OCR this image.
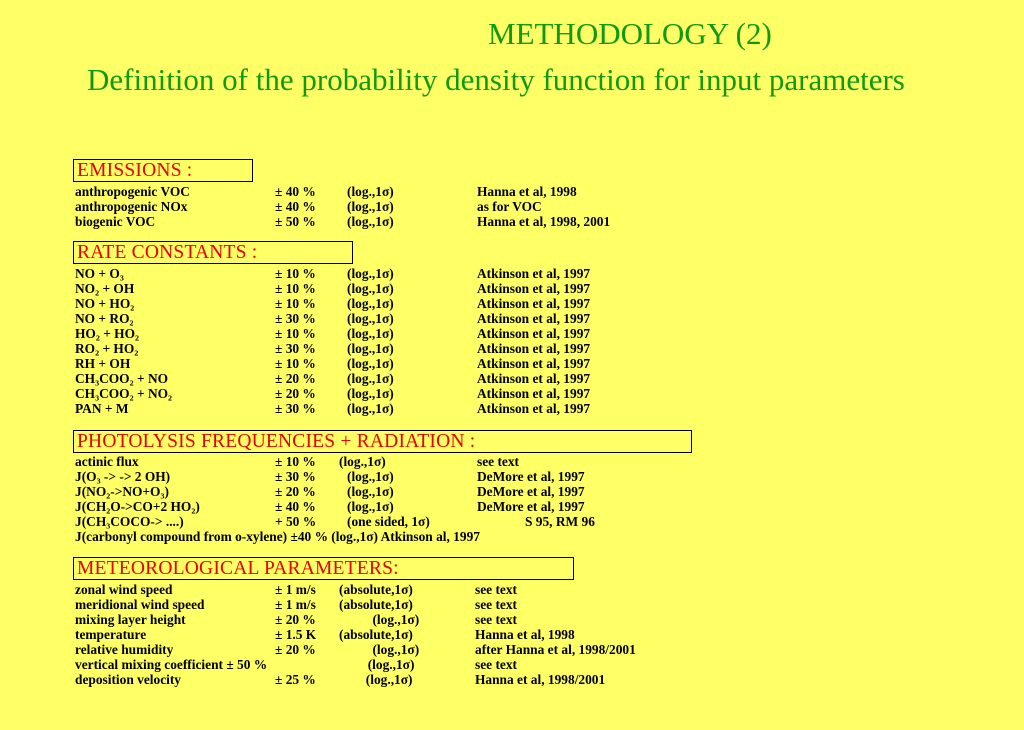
METHODOLOGY (2)
Definition of the probability density function for input parameters
EMISSIONS :
anthropogenic VOC	± 40 % (log.,1σ)	Hanna et al, 1998
anthropogenic NOx	± 40 % (log.,1σ)	as for VOC
biogenic VOC	± 50 % (log.,1σ)	Hanna et al, 1998, 2001
RATE CONSTANTS :
NO + O₃	± 10 % (log.,1σ)	Atkinson et al, 1997
NO₂ + OH	± 10 % (log.,1σ)	Atkinson et al, 1997
NO + HO₂	± 10 % (log.,1σ)	Atkinson et al, 1997
NO + RO₂	± 30 % (log.,1σ)	Atkinson et al, 1997
HO₂ + HO₂	± 10 % (log.,1σ)	Atkinson et al, 1997
RO₂ + HO₂	± 30 % (log.,1σ)	Atkinson et al, 1997
RH + OH	± 10 % (log.,1σ)	Atkinson et al, 1997
CH₃COO₂ + NO	± 20 % (log.,1σ)	Atkinson et al, 1997
CH₃COO₂ + NO₂	± 20 % (log.,1σ)	Atkinson et al, 1997
PAN + M	± 30 % (log.,1σ)	Atkinson et al, 1997
PHOTOLYSIS FREQUENCIES + RADIATION :
actinic flux	± 10 % (log.,1σ)	see text
J(O₃ -> -> 2 OH)	± 30 % (log.,1σ)	DeMore et al, 1997
J(NO₂->NO+O₃)	± 20 % (log.,1σ)	DeMore et al, 1997
J(CH₂O->CO+2 HO₂)	± 40 % (log.,1σ)	DeMore et al, 1997
J(CH₃COCO-> ....)	+ 50 % (one sided, 1σ)	S 95, RM 96
J(carbonyl compound from o-xylene) ±40 % (log.,1σ) Atkinson al, 1997
METEOROLOGICAL PARAMETERS:
zonal wind speed	± 1 m/s (absolute,1σ)	see text
meridional wind speed	± 1 m/s (absolute,1σ)	see text
mixing layer height	± 20 % (log.,1σ)	see text
temperature	± 1.5 K (absolute,1σ)	Hanna et al, 1998
relative humidity	± 20 % (log.,1σ)	after Hanna et al, 1998/2001
vertical mixing coefficient ± 50 %	(log.,1σ)	see text
deposition velocity	± 25 % (log.,1σ)	Hanna et al, 1998/2001
